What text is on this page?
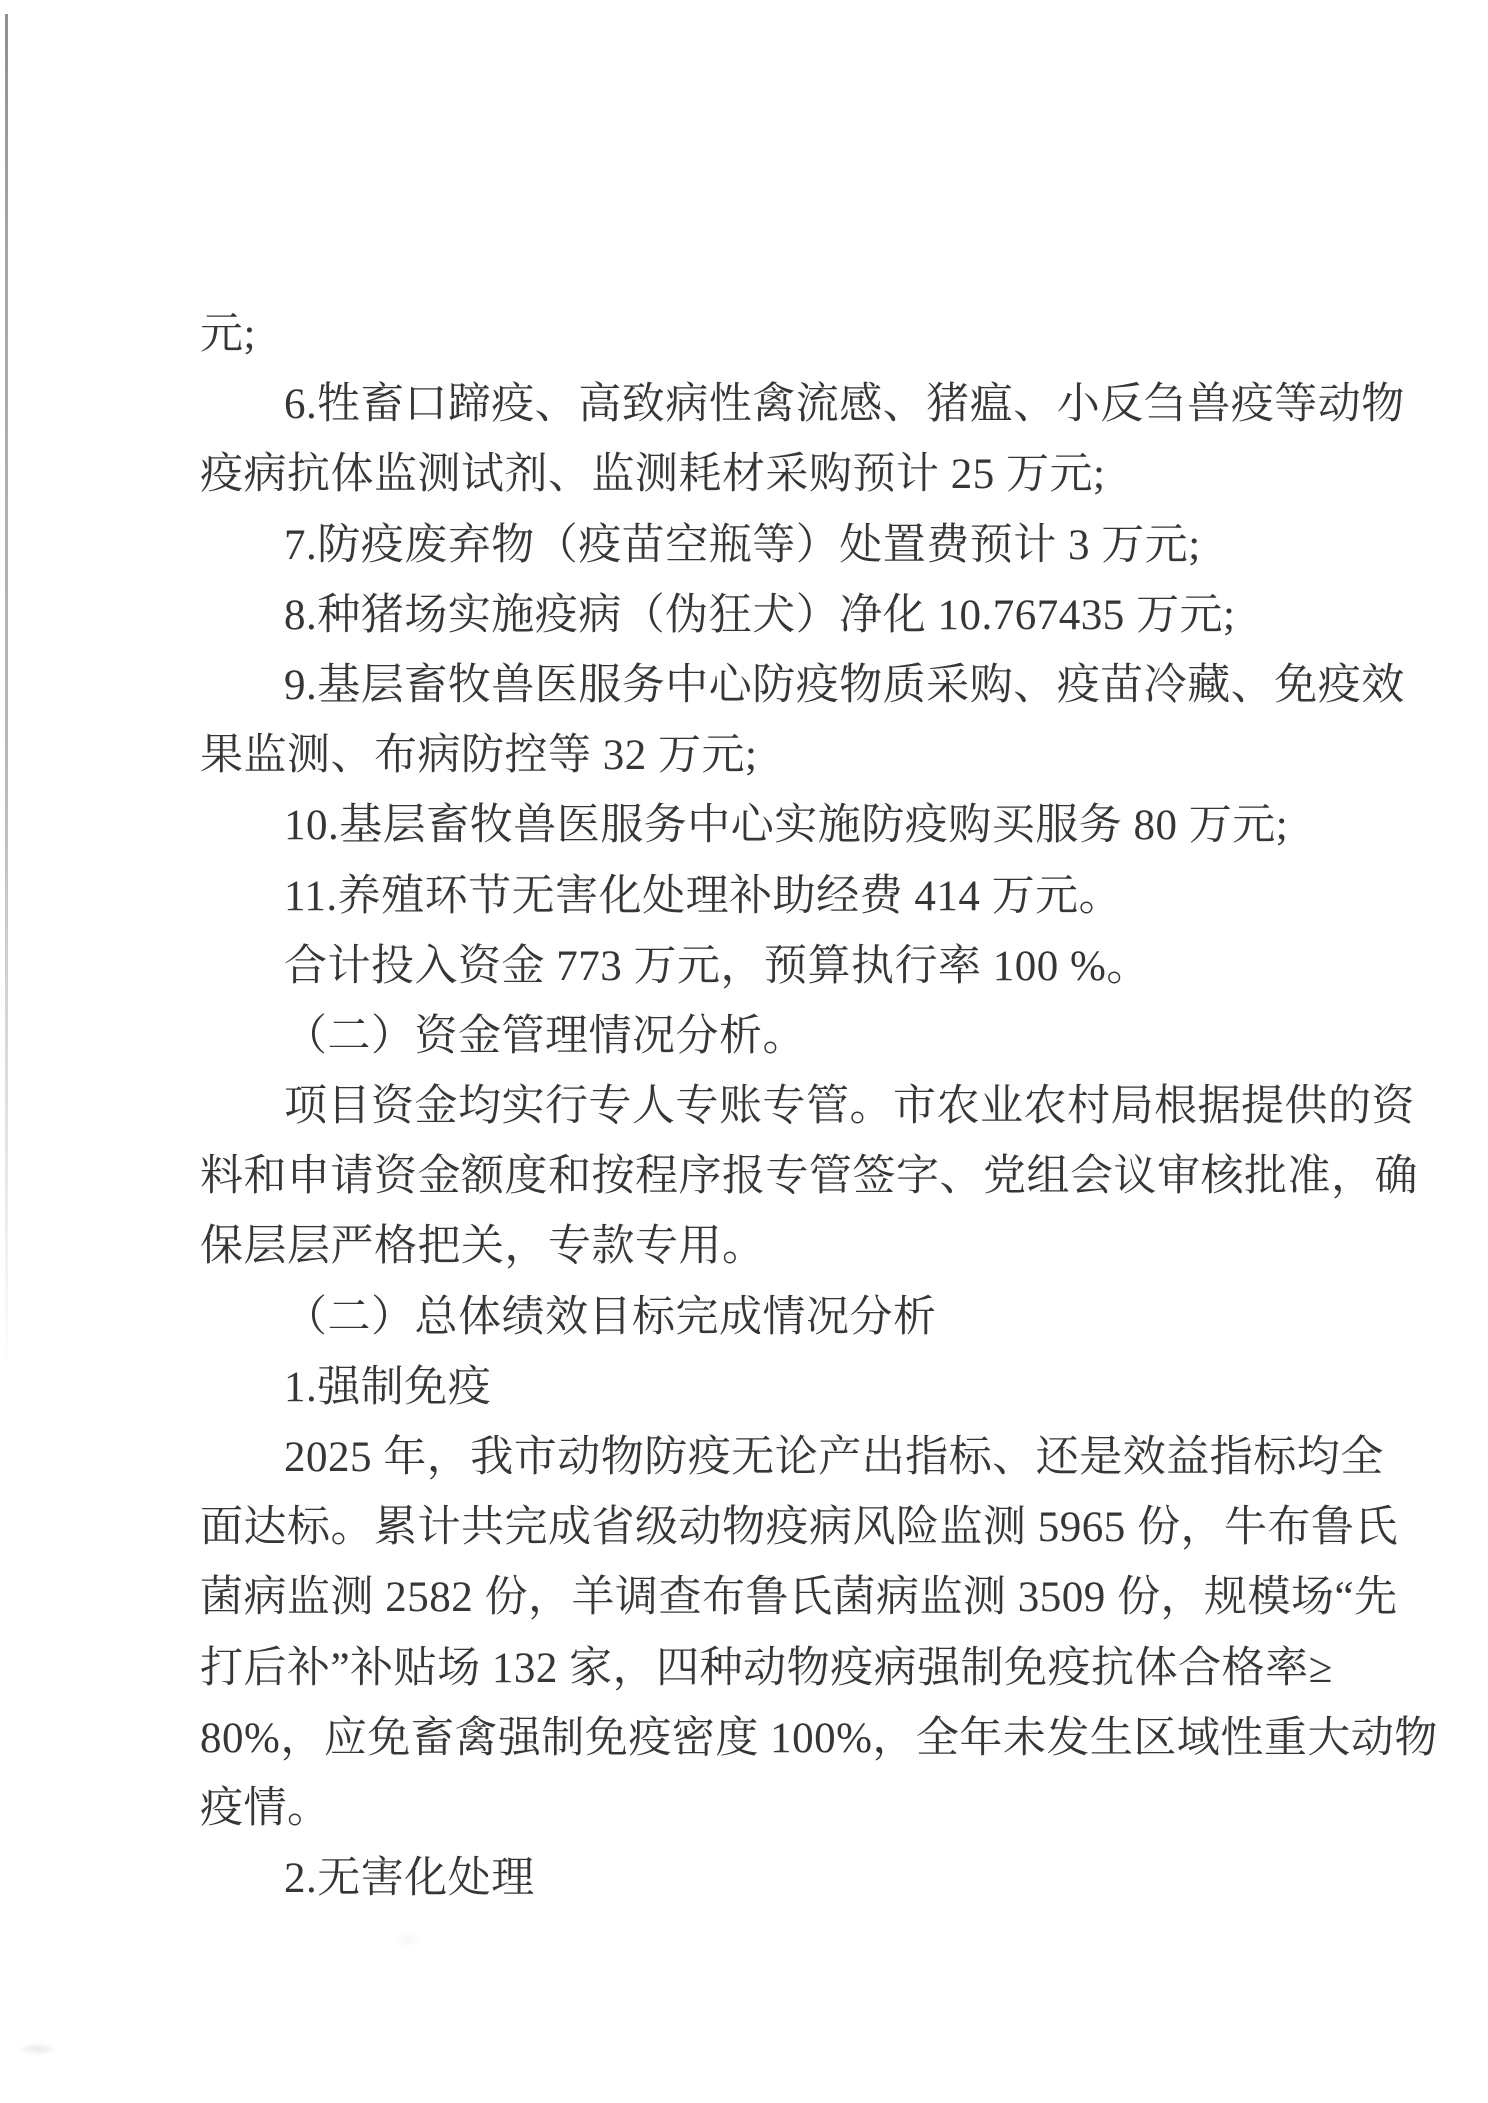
元;
6.牲畜口蹄疫、高致病性禽流感、猪瘟、小反刍兽疫等动物
疫病抗体监测试剂、监测耗材采购预计 25 万元;
7.防疫废弃物（疫苗空瓶等）处置费预计 3 万元;
8.种猪场实施疫病（伪狂犬）净化 10.767435 万元;
9.基层畜牧兽医服务中心防疫物质采购、疫苗冷藏、免疫效
果监测、布病防控等 32 万元;
10.基层畜牧兽医服务中心实施防疫购买服务 80 万元;
11.养殖环节无害化处理补助经费 414 万元。
合计投入资金 773 万元，预算执行率 100 %。
（二）资金管理情况分析。
项目资金均实行专人专账专管。市农业农村局根据提供的资
料和申请资金额度和按程序报专管签字、党组会议审核批准，确
保层层严格把关，专款专用。
（二）总体绩效目标完成情况分析
1.强制免疫
2025 年，我市动物防疫无论产出指标、还是效益指标均全
面达标。累计共完成省级动物疫病风险监测 5965 份，牛布鲁氏
菌病监测 2582 份，羊调查布鲁氏菌病监测 3509 份，规模场“先
打后补”补贴场 132 家，四种动物疫病强制免疫抗体合格率≥
80%，应免畜禽强制免疫密度 100%，全年未发生区域性重大动物
疫情。
2.无害化处理
